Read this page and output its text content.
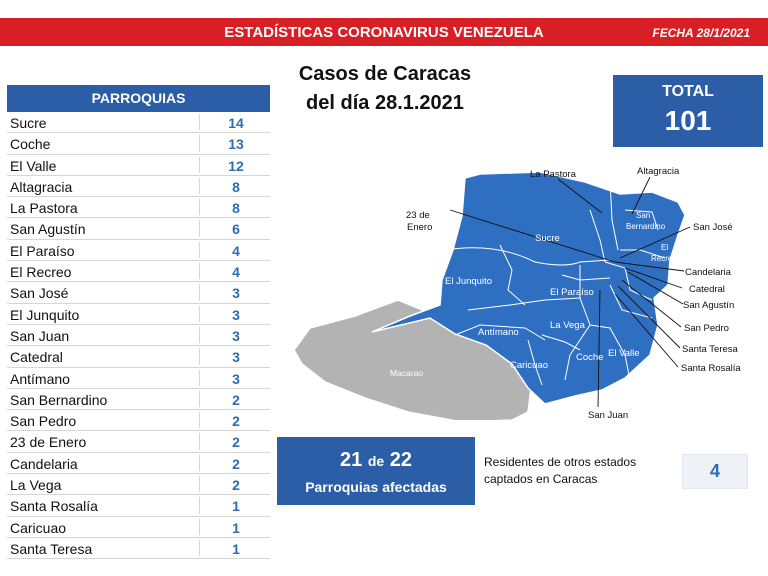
ESTADÍSTICAS CORONAVIRUS VENEZUELA	FECHA 28/1/2021
PARROQUIAS
Sucre	14
Coche	13
El Valle	12
Altagracia	8
La Pastora	8
San Agustín	6
El Paraíso	4
El Recreo	4
San José	3
El Junquito	3
San Juan	3
Catedral	3
Antímano	3
San Bernardino	2
San Pedro	2
23 de Enero	2
Candelaria	2
La Vega	2
Santa Rosalía	1
Caricuao	1
Santa Teresa	1
Casos de Caracas
del día 28.1.2021
TOTAL
101
Sucre
El Junquito
El Paraíso
Antímano
La Vega
Caricuao
Coche El Valle
San
Bernardino
El
Recreo
Macarao
La Pastora	Altagracia
23 de
Enero	San José
Candelaria
Catedral
San Agustín
San Pedro
Santa Teresa
Santa Rosalía
San Juan
21 de 22
Parroquias afectadas
Residentes de otros estados captados en Caracas	4
